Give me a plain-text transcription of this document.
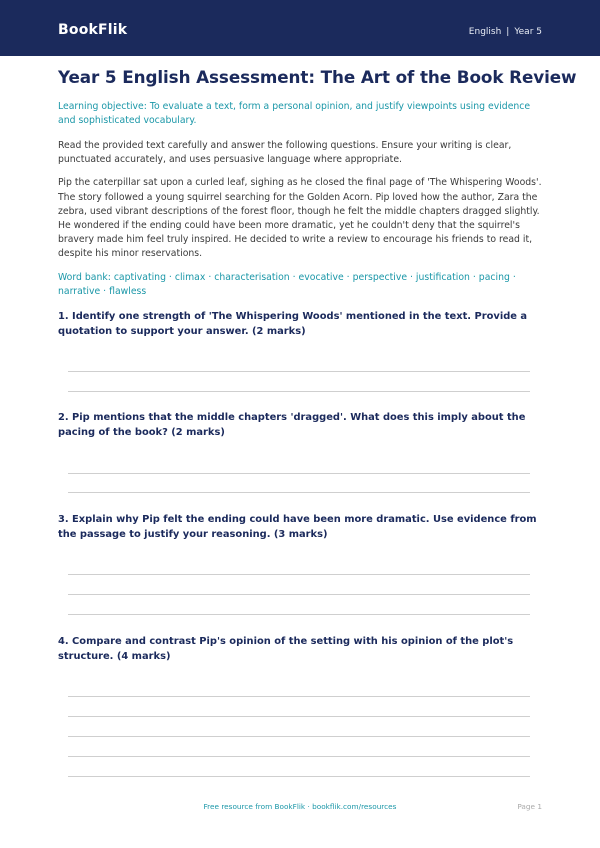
BookFlik	English | Year 5
Year 5 English Assessment: The Art of the Book Review

Learning objective: To evaluate a text, form a personal opinion, and justify viewpoints using evidence and sophisticated vocabulary.

Read the provided text carefully and answer the following questions. Ensure your writing is clear, punctuated accurately, and uses persuasive language where appropriate.

Pip the caterpillar sat upon a curled leaf, sighing as he closed the final page of 'The Whispering Woods'. The story followed a young squirrel searching for the Golden Acorn. Pip loved how the author, Zara the zebra, used vibrant descriptions of the forest floor, though he felt the middle chapters dragged slightly. He wondered if the ending could have been more dramatic, yet he couldn't deny that the squirrel's bravery made him feel truly inspired. He decided to write a review to encourage his friends to read it, despite his minor reservations.

Word bank: captivating · climax · characterisation · evocative · perspective · justification · pacing · narrative · flawless

1. Identify one strength of 'The Whispering Woods' mentioned in the text. Provide a quotation to support your answer. (2 marks)

2. Pip mentions that the middle chapters 'dragged'. What does this imply about the pacing of the book? (2 marks)

3. Explain why Pip felt the ending could have been more dramatic. Use evidence from the passage to justify your reasoning. (3 marks)

4. Compare and contrast Pip's opinion of the setting with his opinion of the plot's structure. (4 marks)

Free resource from BookFlik · bookflik.com/resources	Page 1
